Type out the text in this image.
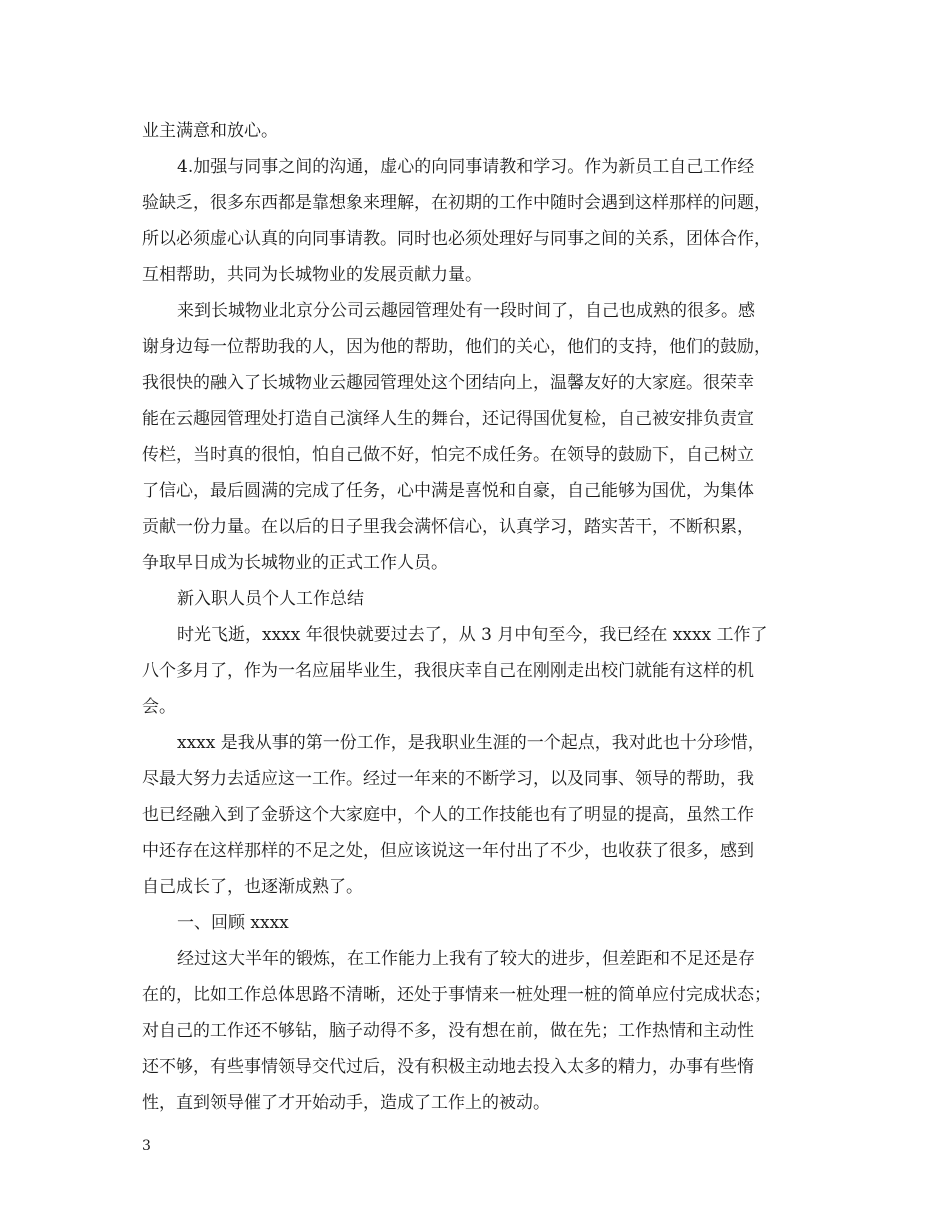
业主满意和放心。
4.加强与同事之间的沟通，虚心的向同事请教和学习。作为新员工自己工作经
验缺乏，很多东西都是靠想象来理解，在初期的工作中随时会遇到这样那样的问题，
所以必须虚心认真的向同事请教。同时也必须处理好与同事之间的关系，团体合作，
互相帮助，共同为长城物业的发展贡献力量。
来到长城物业北京分公司云趣园管理处有一段时间了，自己也成熟的很多。感
谢身边每一位帮助我的人，因为他的帮助，他们的关心，他们的支持，他们的鼓励，
我很快的融入了长城物业云趣园管理处这个团结向上，温馨友好的大家庭。很荣幸
能在云趣园管理处打造自己演绎人生的舞台，还记得国优复检，自己被安排负责宣
传栏，当时真的很怕，怕自己做不好，怕完不成任务。在领导的鼓励下，自己树立
了信心，最后圆满的完成了任务，心中满是喜悦和自豪，自己能够为国优，为集体
贡献一份力量。在以后的日子里我会满怀信心，认真学习，踏实苦干，不断积累，
争取早日成为长城物业的正式工作人员。
新入职人员个人工作总结
时光飞逝，xxxx 年很快就要过去了，从 3 月中旬至今，我已经在 xxxx 工作了
八个多月了，作为一名应届毕业生，我很庆幸自己在刚刚走出校门就能有这样的机
会。
xxxx 是我从事的第一份工作，是我职业生涯的一个起点，我对此也十分珍惜，
尽最大努力去适应这一工作。经过一年来的不断学习，以及同事、领导的帮助，我
也已经融入到了金骄这个大家庭中，个人的工作技能也有了明显的提高，虽然工作
中还存在这样那样的不足之处，但应该说这一年付出了不少，也收获了很多，感到
自己成长了，也逐渐成熟了。
一、回顾 xxxx
经过这大半年的锻炼，在工作能力上我有了较大的进步，但差距和不足还是存
在的，比如工作总体思路不清晰，还处于事情来一桩处理一桩的简单应付完成状态；
对自己的工作还不够钻，脑子动得不多，没有想在前，做在先；工作热情和主动性
还不够，有些事情领导交代过后，没有积极主动地去投入太多的精力，办事有些惰
性，直到领导催了才开始动手，造成了工作上的被动。
3
